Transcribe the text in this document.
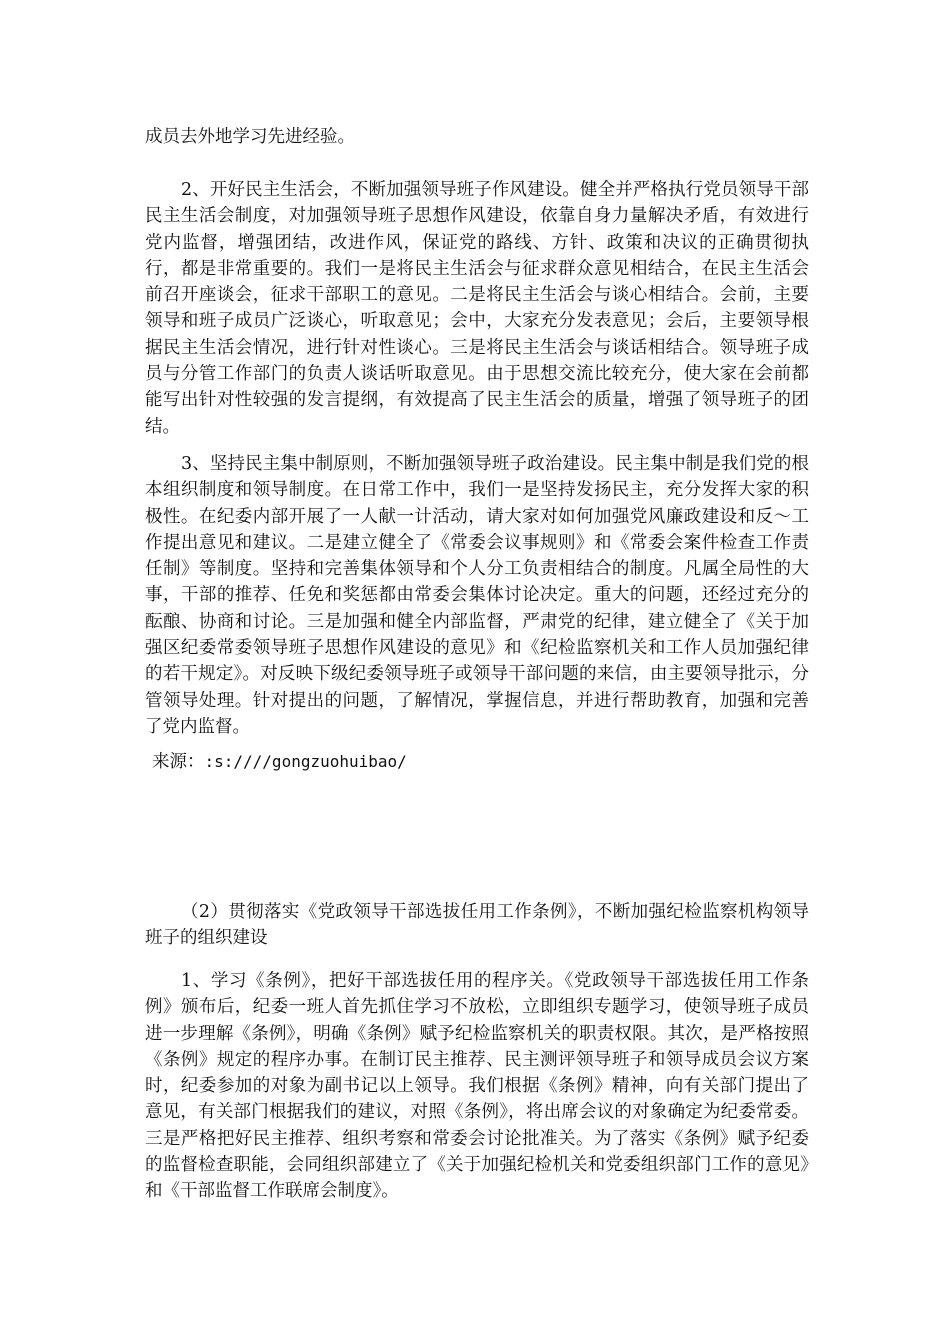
成员去外地学习先进经验。

2、开好民主生活会，不断加强领导班子作风建设。健全并严格执行党员领导干部民主生活会制度，对加强领导班子思想作风建设，依靠自身力量解决矛盾，有效进行党内监督，增强团结，改进作风，保证党的路线、方针、政策和决议的正确贯彻执行，都是非常重要的。我们一是将民主生活会与征求群众意见相结合，在民主生活会前召开座谈会，征求干部职工的意见。二是将民主生活会与谈心相结合。会前，主要领导和班子成员广泛谈心，听取意见；会中，大家充分发表意见；会后，主要领导根据民主生活会情况，进行针对性谈心。三是将民主生活会与谈话相结合。领导班子成员与分管工作部门的负责人谈话听取意见。由于思想交流比较充分，使大家在会前都能写出针对性较强的发言提纲，有效提高了民主生活会的质量，增强了领导班子的团结。

3、坚持民主集中制原则，不断加强领导班子政治建设。民主集中制是我们党的根本组织制度和领导制度。在日常工作中，我们一是坚持发扬民主，充分发挥大家的积极性。在纪委内部开展了一人献一计活动，请大家对如何加强党风廉政建设和反～工作提出意见和建议。二是建立健全了《常委会议事规则》和《常委会案件检查工作责任制》等制度。坚持和完善集体领导和个人分工负责相结合的制度。凡属全局性的大事，干部的推荐、任免和奖惩都由常委会集体讨论决定。重大的问题，还经过充分的酝酿、协商和讨论。三是加强和健全内部监督，严肃党的纪律，建立健全了《关于加强区纪委常委领导班子思想作风建设的意见》和《纪检监察机关和工作人员加强纪律的若干规定》。对反映下级纪委领导班子或领导干部问题的来信，由主要领导批示，分管领导处理。针对提出的问题，了解情况，掌握信息，并进行帮助教育，加强和完善了党内监督。

来源：:s:////gongzuohuibao/

（2）贯彻落实《党政领导干部选拔任用工作条例》，不断加强纪检监察机构领导班子的组织建设

1、学习《条例》，把好干部选拔任用的程序关。《党政领导干部选拔任用工作条例》颁布后，纪委一班人首先抓住学习不放松，立即组织专题学习，使领导班子成员进一步理解《条例》，明确《条例》赋予纪检监察机关的职责权限。其次，是严格按照《条例》规定的程序办事。在制订民主推荐、民主测评领导班子和领导成员会议方案时，纪委参加的对象为副书记以上领导。我们根据《条例》精神，向有关部门提出了意见，有关部门根据我们的建议，对照《条例》，将出席会议的对象确定为纪委常委。三是严格把好民主推荐、组织考察和常委会讨论批准关。为了落实《条例》赋予纪委的监督检查职能，会同组织部建立了《关于加强纪检机关和党委组织部门工作的意见》和《干部监督工作联席会制度》。
